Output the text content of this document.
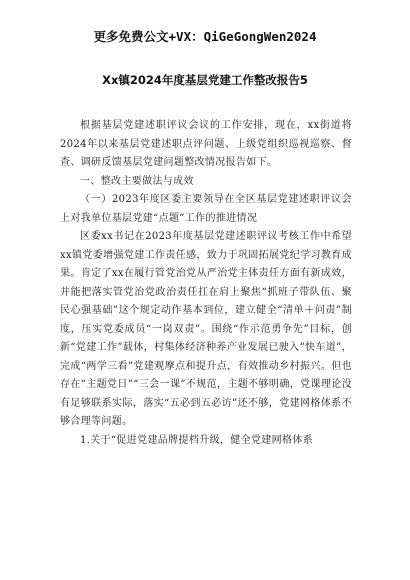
更多免费公文+VX：QiGeGongWen2024
Xx镇2024年度基层党建工作整改报告5

根据基层党建述职评议会议的工作安排，现在，xx街道将2024年以来基层党建述职点评问题、上级党组织巡视巡察、督查、调研反馈基层党建问题整改情况报告如下。

一、整改主要做法与成效

（一）2023年度区委主要领导在全区基层党建述职评议会上对我单位基层党建“点题”工作的推进情况

区委xx书记在2023年度基层党建述职评议考核工作中希望xx镇党委增强党建工作责任感，致力于巩固拓展党纪学习教育成果。肯定了xx在履行管党治党从严治党主体责任方面有新成效，并能把落实管党治党政治责任扛在肩上聚焦“抓班子带队伍、聚民心强基础”这个规定动作基本到位，建立健全“清单＋问责”制度，压实党委成员“一岗双责”。围绕“作示范勇争先”目标，创新“党建工作”载体，村集体经济种养产业发展已驶入“快车道”，完成“两学三看”党建观摩点和提升点，有效推动乡村振兴。但也存在“主题党日”“三会一课”不规范，主题不够明确，党课理论没有足够联系实际，落实“五必到五必访”还不够，党建网格体系不够合理等问题。

1.关于“促进党建品牌提档升级，健全党建网格体系
